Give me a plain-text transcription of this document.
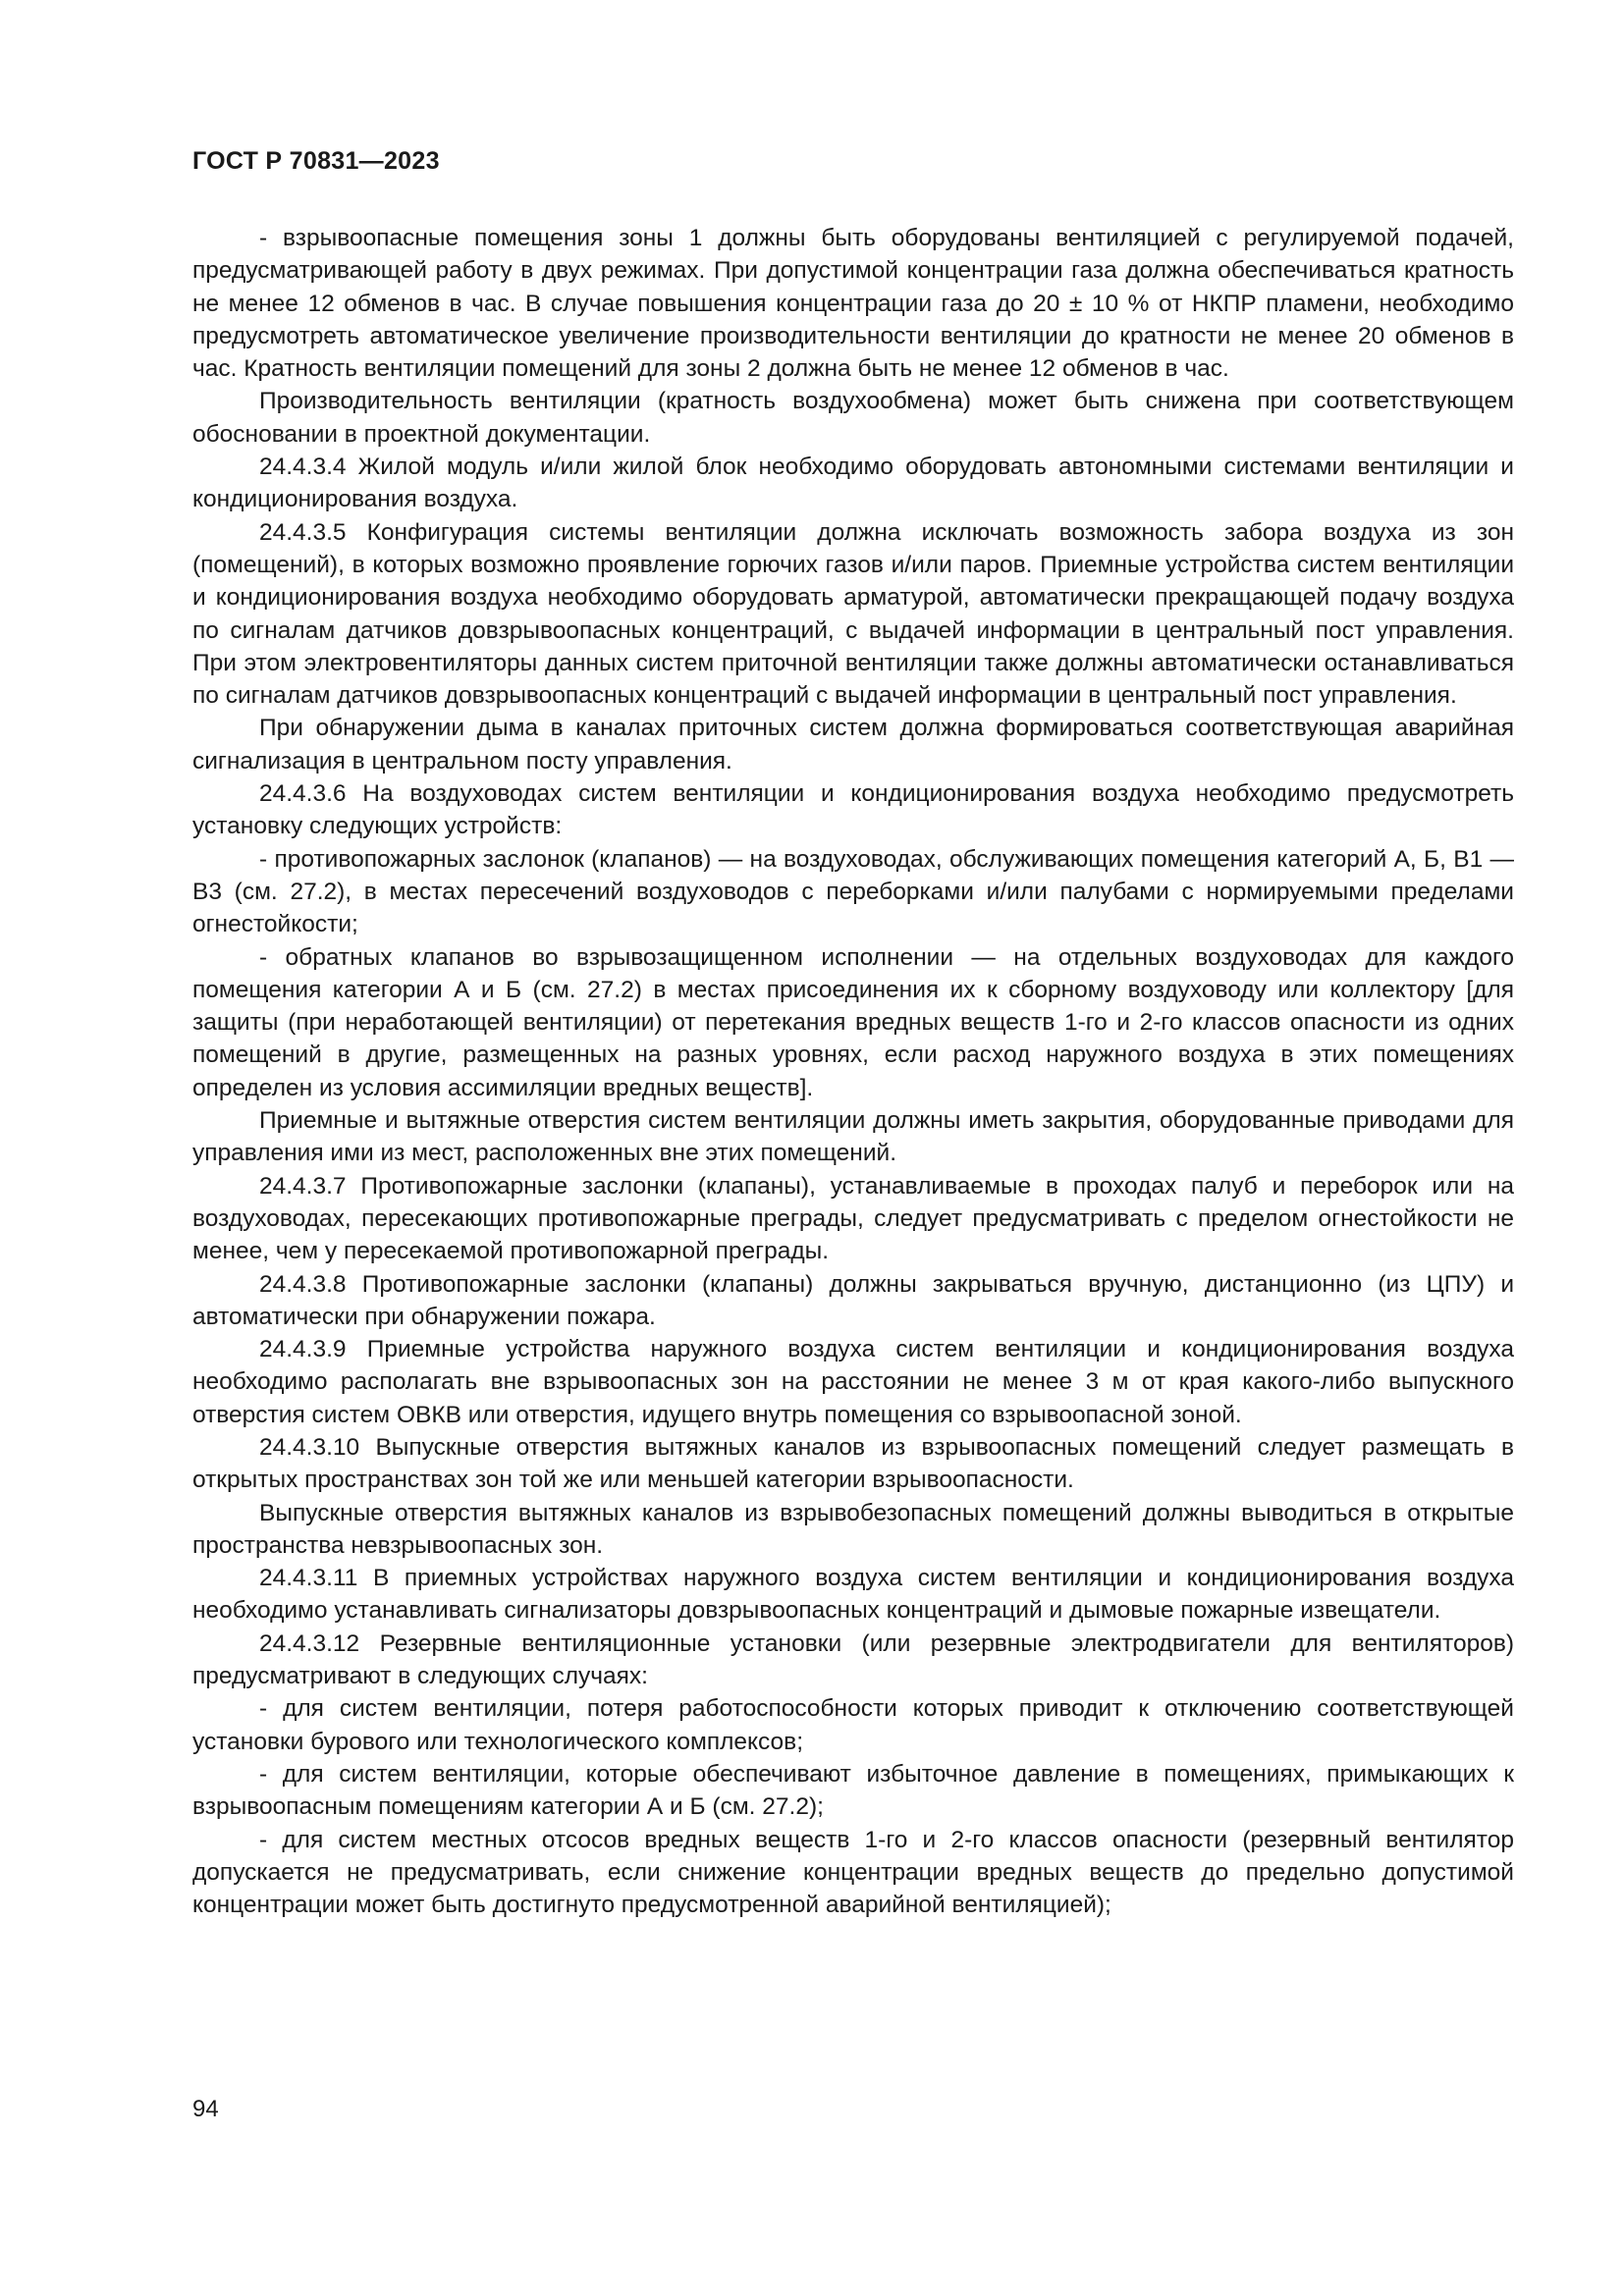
ГОСТ Р 70831—2023

- взрывоопасные помещения зоны 1 должны быть оборудованы вентиляцией с регулируемой подачей, предусматривающей работу в двух режимах. При допустимой концентрации газа должна обеспечиваться кратность не менее 12 обменов в час. В случае повышения концентрации газа до 20 ± 10 % от НКПР пламени, необходимо предусмотреть автоматическое увеличение производительности вентиляции до кратности не менее 20 обменов в час. Кратность вентиляции помещений для зоны 2 должна быть не менее 12 обменов в час.

Производительность вентиляции (кратность воздухообмена) может быть снижена при соответствующем обосновании в проектной документации.

24.4.3.4 Жилой модуль и/или жилой блок необходимо оборудовать автономными системами вентиляции и кондиционирования воздуха.

24.4.3.5 Конфигурация системы вентиляции должна исключать возможность забора воздуха из зон (помещений), в которых возможно проявление горючих газов и/или паров. Приемные устройства систем вентиляции и кондиционирования воздуха необходимо оборудовать арматурой, автоматически прекращающей подачу воздуха по сигналам датчиков довзрывоопасных концентраций, с выдачей информации в центральный пост управления. При этом электровентиляторы данных систем приточной вентиляции также должны автоматически останавливаться по сигналам датчиков довзрывоопасных концентраций с выдачей информации в центральный пост управления.

При обнаружении дыма в каналах приточных систем должна формироваться соответствующая аварийная сигнализация в центральном посту управления.

24.4.3.6 На воздуховодах систем вентиляции и кондиционирования воздуха необходимо предусмотреть установку следующих устройств:

- противопожарных заслонок (клапанов) — на воздуховодах, обслуживающих помещения категорий А, Б, В1 — В3 (см. 27.2), в местах пересечений воздуховодов с переборками и/или палубами с нормируемыми пределами огнестойкости;

- обратных клапанов во взрывозащищенном исполнении — на отдельных воздуховодах для каждого помещения категории А и Б (см. 27.2) в местах присоединения их к сборному воздуховоду или коллектору [для защиты (при неработающей вентиляции) от перетекания вредных веществ 1-го и 2-го классов опасности из одних помещений в другие, размещенных на разных уровнях, если расход наружного воздуха в этих помещениях определен из условия ассимиляции вредных веществ].

Приемные и вытяжные отверстия систем вентиляции должны иметь закрытия, оборудованные приводами для управления ими из мест, расположенных вне этих помещений.

24.4.3.7 Противопожарные заслонки (клапаны), устанавливаемые в проходах палуб и переборок или на воздуховодах, пересекающих противопожарные преграды, следует предусматривать с пределом огнестойкости не менее, чем у пересекаемой противопожарной преграды.

24.4.3.8 Противопожарные заслонки (клапаны) должны закрываться вручную, дистанционно (из ЦПУ) и автоматически при обнаружении пожара.

24.4.3.9 Приемные устройства наружного воздуха систем вентиляции и кондиционирования воздуха необходимо располагать вне взрывоопасных зон на расстоянии не менее 3 м от края какого-либо выпускного отверстия систем ОВКВ или отверстия, идущего внутрь помещения со взрывоопасной зоной.

24.4.3.10 Выпускные отверстия вытяжных каналов из взрывоопасных помещений следует размещать в открытых пространствах зон той же или меньшей категории взрывоопасности.

Выпускные отверстия вытяжных каналов из взрывобезопасных помещений должны выводиться в открытые пространства невзрывоопасных зон.

24.4.3.11 В приемных устройствах наружного воздуха систем вентиляции и кондиционирования воздуха необходимо устанавливать сигнализаторы довзрывоопасных концентраций и дымовые пожарные извещатели.

24.4.3.12 Резервные вентиляционные установки (или резервные электродвигатели для вентиляторов) предусматривают в следующих случаях:

- для систем вентиляции, потеря работоспособности которых приводит к отключению соответствующей установки бурового или технологического комплексов;

- для систем вентиляции, которые обеспечивают избыточное давление в помещениях, примыкающих к взрывоопасным помещениям категории А и Б (см. 27.2);

- для систем местных отсосов вредных веществ 1-го и 2-го классов опасности (резервный вентилятор допускается не предусматривать, если снижение концентрации вредных веществ до предельно допустимой концентрации может быть достигнуто предусмотренной аварийной вентиляцией);

94
